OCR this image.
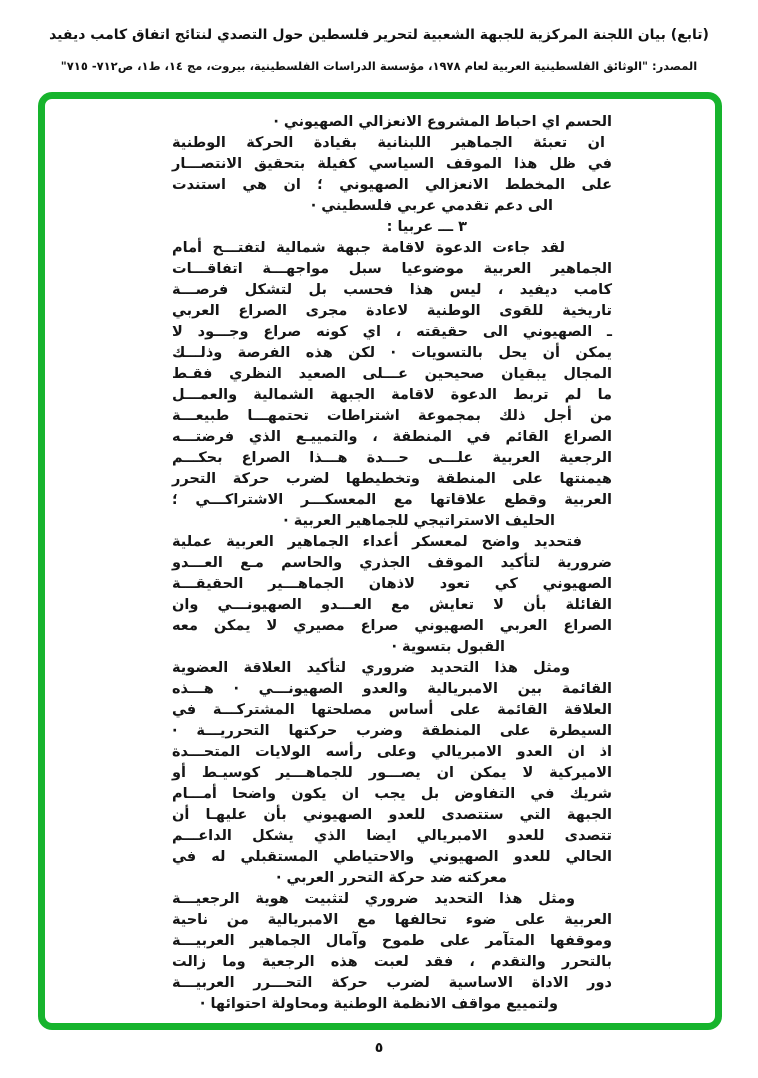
(تابع) بيان اللجنة المركزية للجبهة الشعبية لتحرير فلسطين حول التصدي لنتائج اتفاق كامب ديفيد
المصدر: "الوثائق الفلسطينية العربية لعام ١٩٧٨، مؤسسة الدراسات الفلسطينية، بيروت، مج ١٤، ط١، ص٧١٢- ٧١٥"
الحسم اي احباط المشروع الانعزالي الصهيوني ·
ان تعبئة الجماهير اللبنانية بقيادة الحركة الوطنية
في ظل هذا الموقف السياسي كفيلة بتحقيق الانتصـــار
على المخطط الانعزالي الصهيوني ؛ ان هي استندت
الى دعم تقدمي عربي فلسطيني ·
٣ ـــ عربيا :
لقد جاءت الدعوة لاقامة جبهة شمالية لتفتـــح أمام
الجماهير العربية موضوعيا سبل مواجهـــة اتفاقـــات
كامب ديفيد ، ليس هذا فحسب بل لتشكل فرصـــة
تاريخية للقوى الوطنية لاعادة مجرى الصراع العربي
ـ الصهيوني الى حقيقته ، اي كونه صراع وجـــود لا
يمكن أن يحل بالتسويات · لكن هذه الفرصة وذلـــك
المجال يبقيان صحيحين عـــلى الصعيد النظري فقـط
ما لم تربط الدعوة لاقامة الجبهة الشمالية والعمـــل
من أجل ذلك بمجموعة اشتراطات تحتمهـــا طبيعـــة
الصراع القائم في المنطقة ، والتمييـع الذي فرضتـــه
الرجعية العربية علـــى حـــدة هـــذا الصراع بحكـــم
هيمنتها على المنطقة وتخطيطها لضرب حركة التحرر
العربية وقطع علاقاتها مع المعسكـــر الاشتراكـــي ؛
الحليف الاستراتيجي للجماهير العربية ·
فتحديد واضح لمعسكر أعداء الجماهير العربية عملية
ضرورية لتأكيد الموقف الجذري والحاسم مـع العـــدو
الصهيوني كي تعود لاذهان الجماهـــير الحقيقـــة
القائلة بأن لا تعايش مع العـــدو الصهيونـــي وان
الصراع العربي الصهيوني صراع مصيري لا يمكن معه
القبول بتسوية ·
ومثل هذا التحديد ضروري لتأكيد العلاقة العضوية
القائمة بين الامبريالية والعدو الصهيونـــي · هـــذه
العلاقة القائمة على أساس مصلحتها المشتركـــة في
السيطرة على المنطقة وضرب حركتها التحرريـــة ·
اذ ان العدو الامبريالي وعلى رأسه الولايات المتحـــدة
الاميركية لا يمكن ان يصـــور للجماهـــير كوسيـط أو
شريك في التفاوض بل يجب ان يكون واضحا أمـــام
الجبهة التي ستتصدى للعدو الصهيوني بأن عليهـا أن
تتصدى للعدو الامبريالي ايضا الذي يشكل الداعـــم
الحالي للعدو الصهيوني والاحتياطي المستقبلي له في
معركته ضد حركة التحرر العربي ·
ومثل هذا التحديد ضروري لتثبيت هوية الرجعيـــة
العربية على ضوء تحالفها مع الامبريالية من ناحية
وموقفها المتآمر على طموح وآمال الجماهير العربيـــة
بالتحرر والتقدم ، فقد لعبت هذه الرجعية وما زالت
دور الاداة الاساسية لضرب حركة التحـــرر العربيـــة
ولتمييع مواقف الانظمة الوطنية ومحاولة احتوائها ·
٥
